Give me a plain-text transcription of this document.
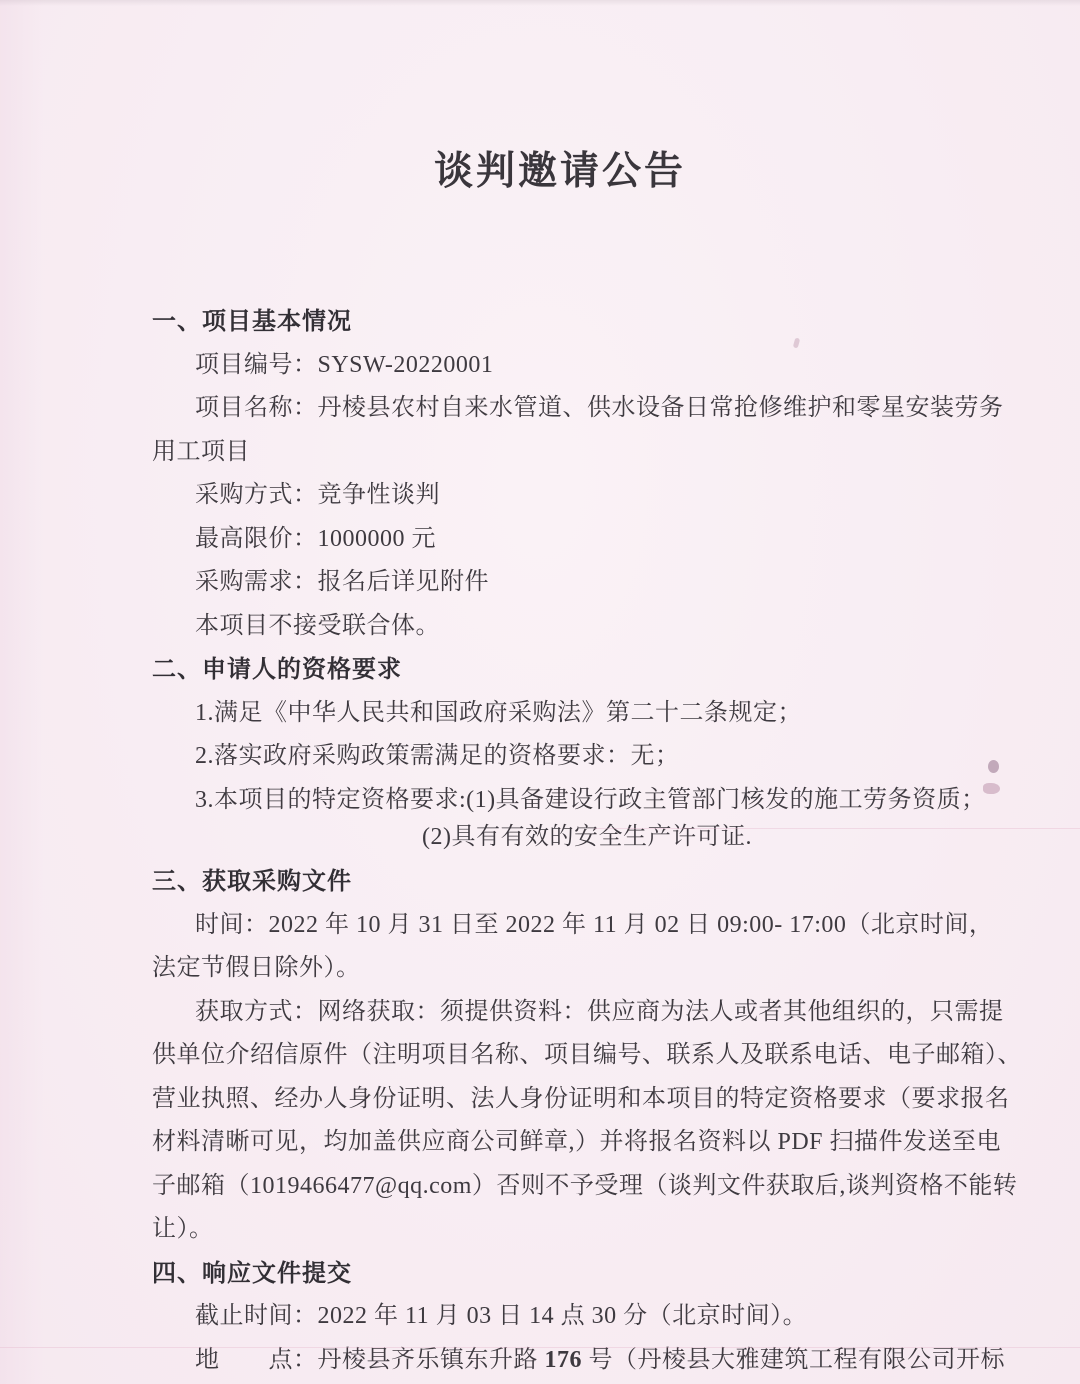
谈判邀请公告
一、项目基本情况
项目编号：SYSW-20220001
项目名称：丹棱县农村自来水管道、供水设备日常抢修维护和零星安装劳务
用工项目
采购方式：竞争性谈判
最高限价：1000000 元
采购需求：报名后详见附件
本项目不接受联合体。
二、申请人的资格要求
1.满足《中华人民共和国政府采购法》第二十二条规定；
2.落实政府采购政策需满足的资格要求：无；
3.本项目的特定资格要求:(1)具备建设行政主管部门核发的施工劳务资质；
(2)具有有效的安全生产许可证.
三、获取采购文件
时间：2022 年 10 月 31 日至 2022 年 11 月 02 日 09:00- 17:00（北京时间，
法定节假日除外）。
获取方式：网络获取：须提供资料：供应商为法人或者其他组织的，只需提
供单位介绍信原件（注明项目名称、项目编号、联系人及联系电话、电子邮箱）、
营业执照、经办人身份证明、法人身份证明和本项目的特定资格要求（要求报名
材料清晰可见，均加盖供应商公司鲜章,）并将报名资料以 PDF 扫描件发送至电
子邮箱（1019466477@qq.com）否则不予受理（谈判文件获取后,谈判资格不能转
让）。
四、响应文件提交
截止时间：2022 年 11 月 03 日 14 点 30 分（北京时间）。
地　　点：丹棱县齐乐镇东升路 176 号（丹棱县大雅建筑工程有限公司开标
